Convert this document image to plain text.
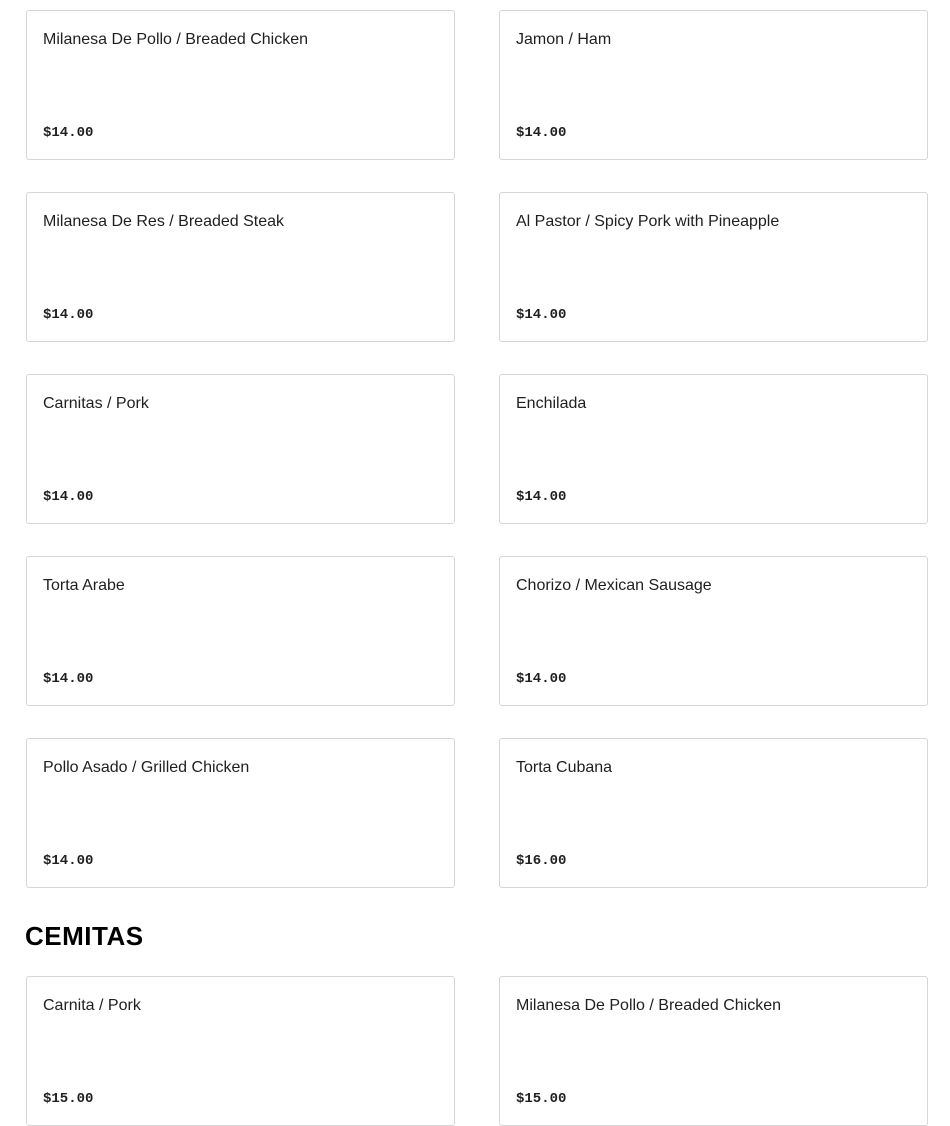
Milanesa De Pollo / Breaded Chicken
$14.00
Jamon / Ham
$14.00
Milanesa De Res / Breaded Steak
$14.00
Al Pastor / Spicy Pork with Pineapple
$14.00
Carnitas / Pork
$14.00
Enchilada
$14.00
Torta Arabe
$14.00
Chorizo / Mexican Sausage
$14.00
Pollo Asado / Grilled Chicken
$14.00
Torta Cubana
$16.00
CEMITAS
Carnita / Pork
$15.00
Milanesa De Pollo / Breaded Chicken
$15.00
